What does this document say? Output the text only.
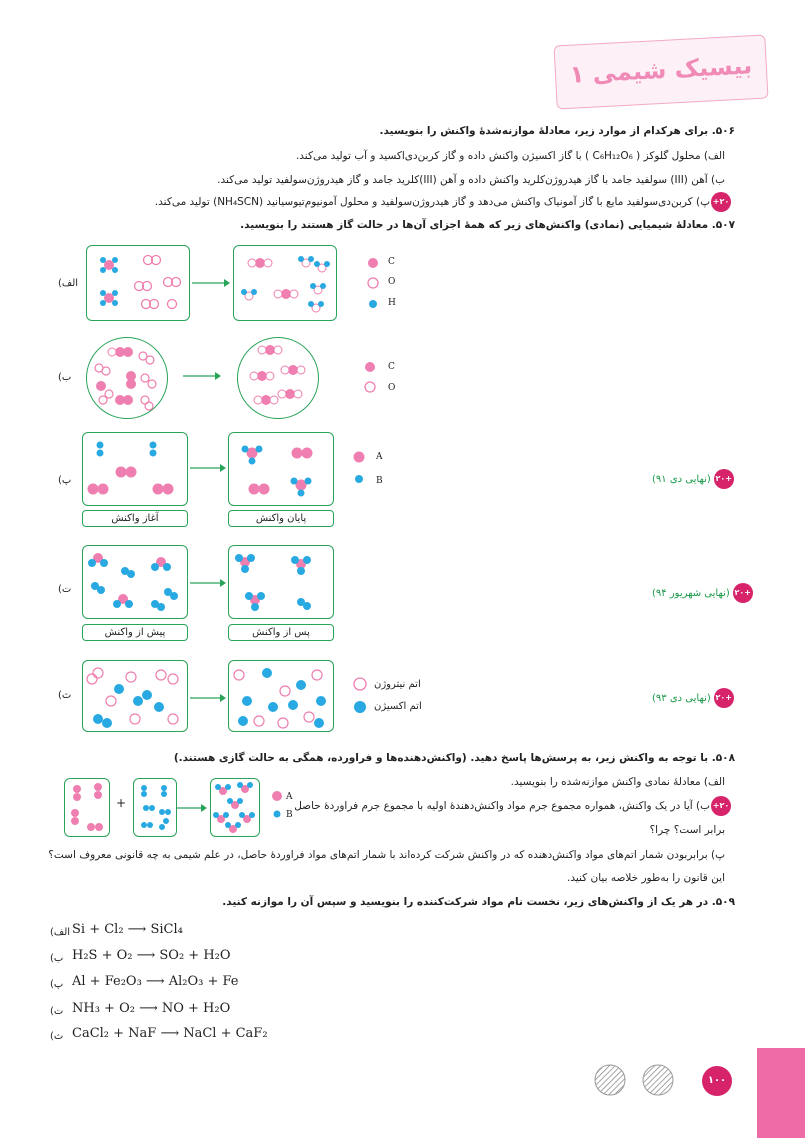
بیسیک شیمی ۱
۵۰۶. برای هرکدام از موارد زیر، معادلهٔ موازنه‌شدهٔ واکنش را بنویسید.
الف) محلول گلوکز ( C₆H₁₂O₆ ) با گاز اکسیژن واکنش داده و گاز کربن‌دی‌اکسید و آب تولید می‌کند.
ب) آهن (III) سولفید جامد با گاز هیدروژن‌کلرید واکنش داده و آهن (III)کلرید جامد و گاز هیدروژن‌سولفید تولید می‌کند.
پ) کربن‌دی‌سولفید مایع با گاز آمونیاک واکنش می‌دهد و گاز هیدروژن‌سولفید و محلول آمونیوم‌تیوسیانید (NH₄SCN) تولید می‌کند. +۲۰
۵۰۷. معادلهٔ شیمیایی (نمادی) واکنش‌های زیر که همهٔ اجزای آن‌ها در حالت گاز هستند را بنویسید.
الف)
C
O
H
ب)
C
O
پ)
آغاز واکنش	پایان واکنش
A
B	+۲۰
(نهایی دی ۹۱)
ت)
پیش از واکنش	پس از واکنش
+۲۰
(نهایی شهریور ۹۴)
ث)
اتم نیتروژن
اتم اکسیژن
+۲۰
(نهایی دی ۹۳)
۵۰۸. با توجه به واکنش زیر، به پرسش‌ها پاسخ دهید. (واکنش‌دهنده‌ها و فراورده، همگی به حالت گازی هستند.)
الف) معادلهٔ نمادی واکنش موازنه‌شده را بنویسید.
+۲۰
ب) آیا در یک واکنش، همواره مجموع جرم مواد واکنش‌دهندهٔ اولیه با مجموع جرم فراوردهٔ حاصل
برابر است؟ چرا؟
+	A
B
پ) برابربودن شمار اتم‌های مواد واکنش‌دهنده که در واکنش شرکت کرده‌اند با شمار اتم‌های مواد فراوردهٔ حاصل، در علم شیمی به چه قانونی معروف است؟
این قانون را به‌طور خلاصه بیان کنید.
۵۰۹. در هر یک از واکنش‌های زیر، نخست نام مواد شرکت‌کننده را بنویسید و سپس آن را موازنه کنید.
الف) Si + Cl₂ ⟶ SiCl₄
ب) H₂S + O₂ ⟶ SO₂ + H₂O
پ) Al + Fe₂O₃ ⟶ Al₂O₃ + Fe
ت) NH₃ + O₂ ⟶ NO + H₂O
ث) CaCl₂ + NaF ⟶ NaCl + CaF₂
۱۰۰
